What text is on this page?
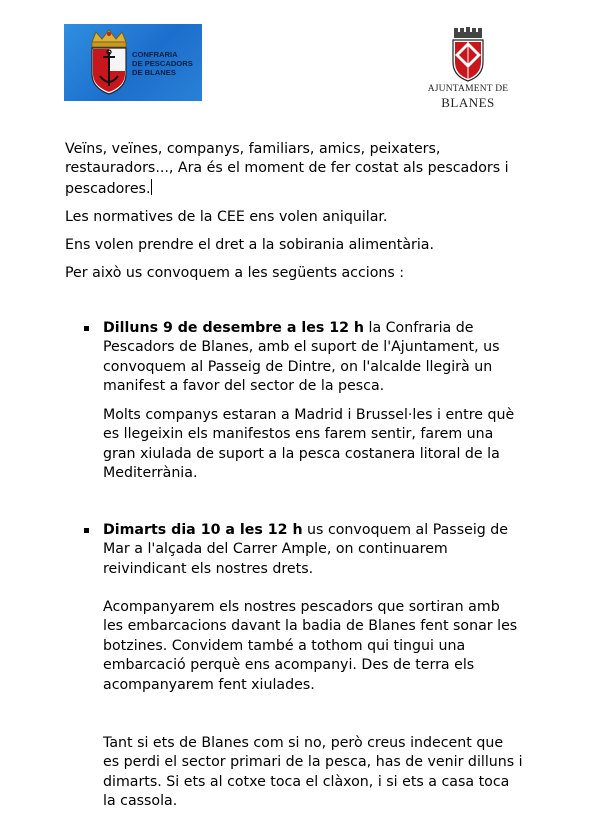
CONFRARIA
DE PESCADORS
DE BLANES
AJUNTAMENT DE
BLANES

Veïns, veïnes, companys, familiars, amics, peixaters, restauradors..., Ara és el moment de fer costat als pescadors i pescadores.

Les normatives de la CEE ens volen aniquilar.

Ens volen prendre el dret a la sobirania alimentària.

Per això us convoquem a les següents accions :

Dilluns 9 de desembre a les 12 h la Confraria de Pescadors de Blanes, amb el suport de l'Ajuntament, us convoquem al Passeig de Dintre, on l'alcalde llegirà un manifest a favor del sector de la pesca.

Molts companys estaran a Madrid i Brussel·les i entre què es llegeixin els manifestos ens farem sentir, farem una gran xiulada de suport a la pesca costanera litoral de la Mediterrània.

Dimarts dia 10 a les 12 h us convoquem al Passeig de Mar a l'alçada del Carrer Ample, on continuarem reivindicant els nostres drets.

Acompanyarem els nostres pescadors que sortiran amb les embarcacions davant la badia de Blanes fent sonar les botzines. Convidem també a tothom qui tingui una embarcació perquè ens acompanyi. Des de terra els acompanyarem fent xiulades.

Tant si ets de Blanes com si no, però creus indecent que es perdi el sector primari de la pesca, has de venir dilluns i dimarts. Si ets al cotxe toca el clàxon, i si ets a casa toca la cassola.
